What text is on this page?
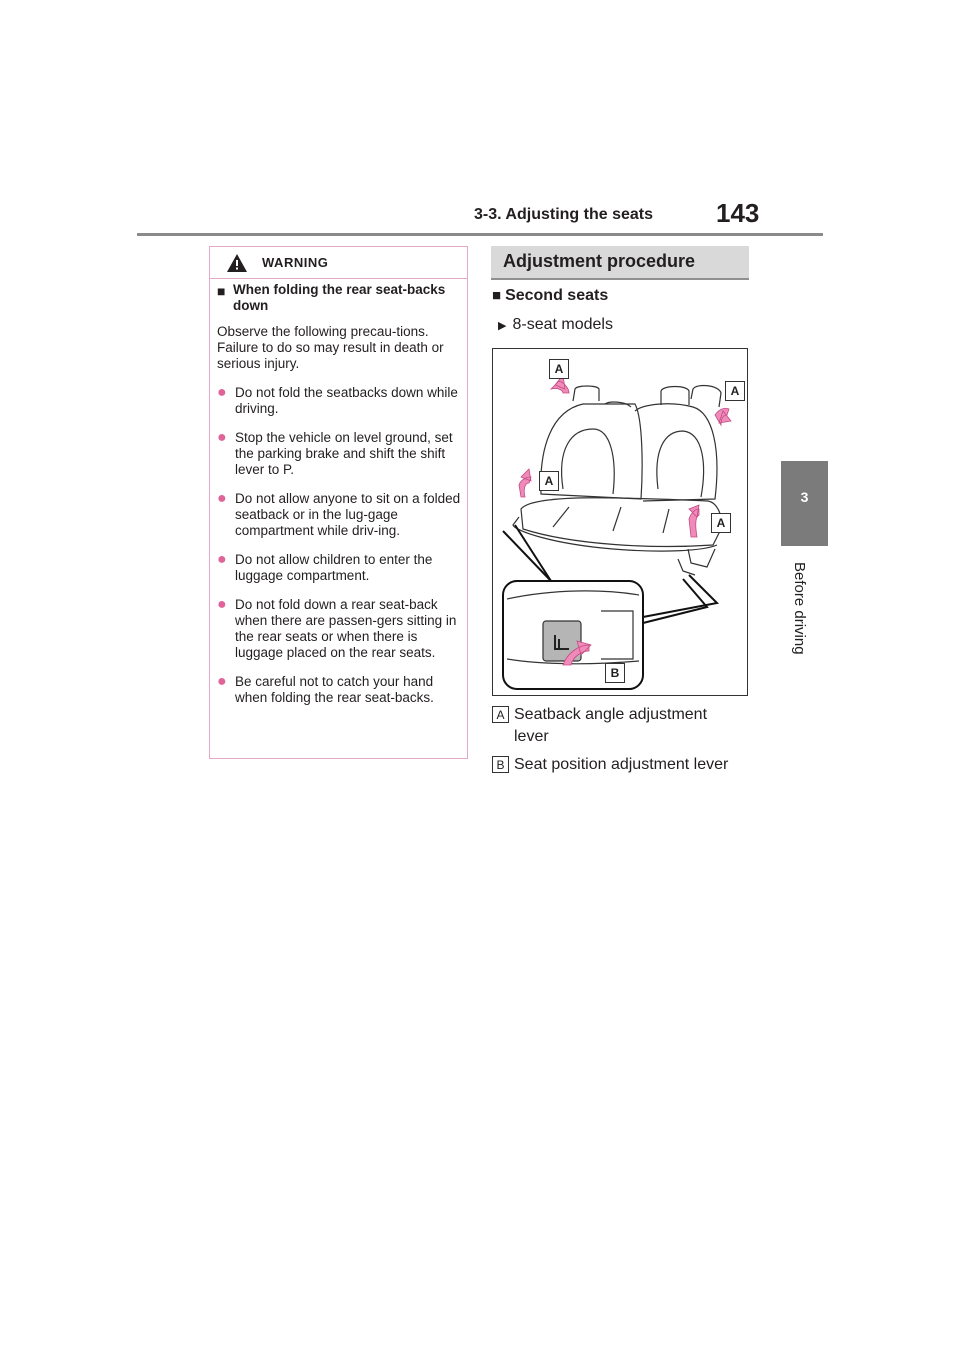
3-3. Adjusting the seats 143
3
Before driving
WARNING
■ When folding the rear seat-backs down
Observe the following precau-tions. Failure to do so may result in death or serious injury.
● Do not fold the seatbacks down while driving.
● Stop the vehicle on level ground, set the parking brake and shift the shift lever to P.
● Do not allow anyone to sit on a folded seatback or in the lug-gage compartment while driv-ing.
● Do not allow children to enter the luggage compartment.
● Do not fold down a rear seat-back when there are passen-gers sitting in the rear seats or when there is luggage placed on the rear seats.
● Be careful not to catch your hand when folding the rear seat-backs.
Adjustment procedure
■ Second seats
▶ 8-seat models
A
A
A
A
B
A Seatback angle adjustment lever
B Seat position adjustment lever
